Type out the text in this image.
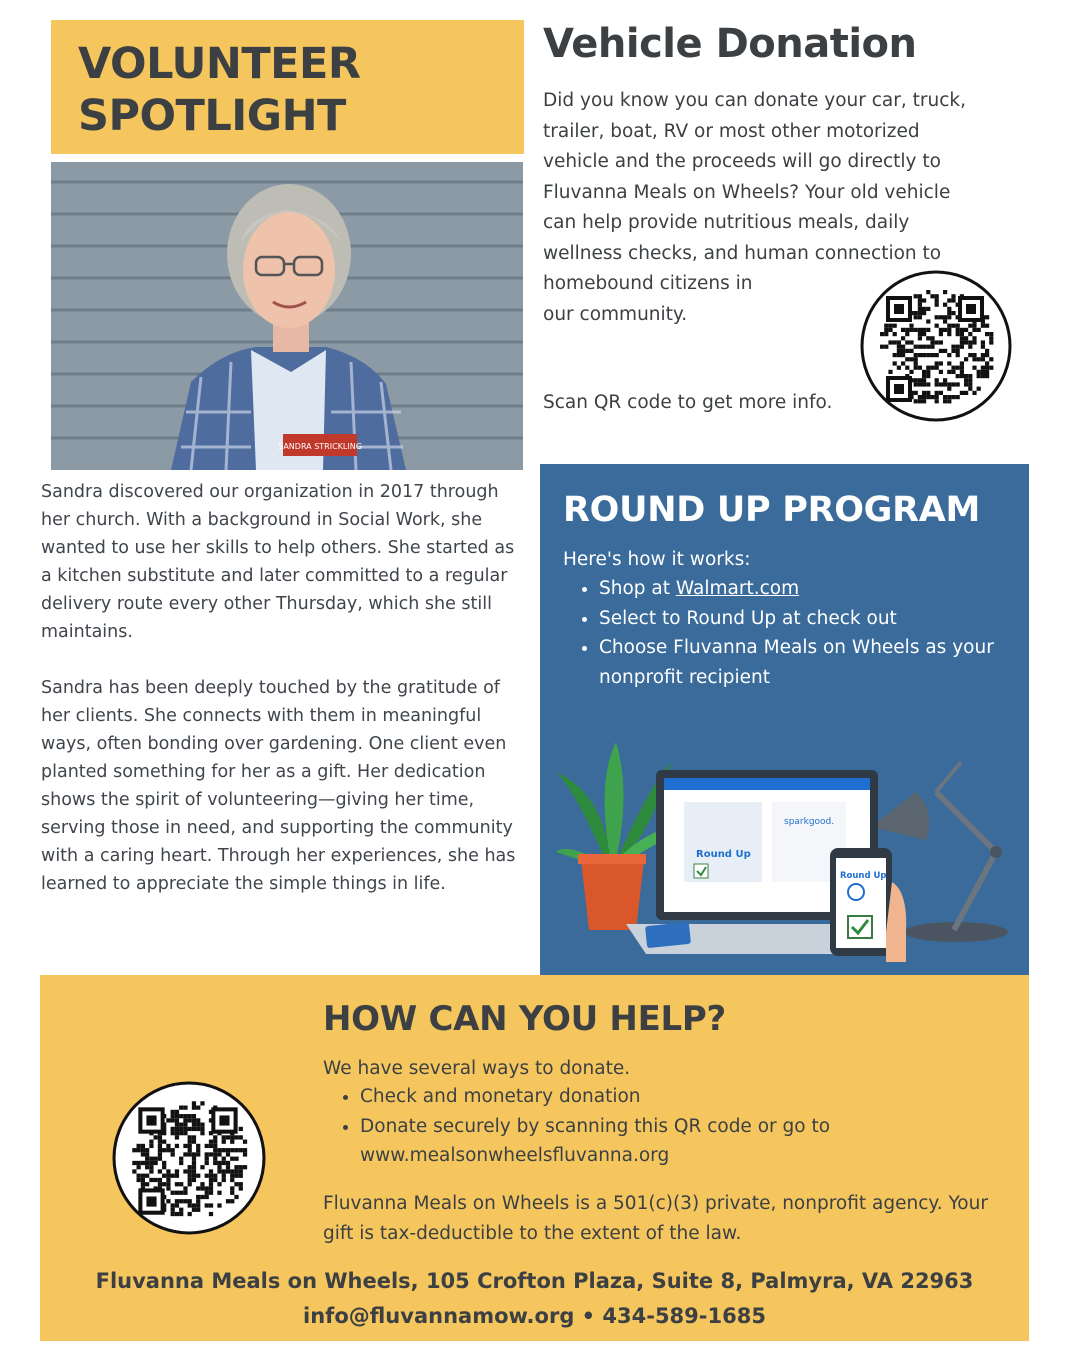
VOLUNTEER
SPOTLIGHT
SANDRA STRICKLING
Vehicle Donation

Did you know you can donate your car, truck,
trailer, boat, RV or most other motorized
vehicle and the proceeds will go directly to
Fluvanna Meals on Wheels? Your old vehicle
can help provide nutritious meals, daily
wellness checks, and human connection to
homebound citizens in
our community.

Scan QR code to get more info.

Sandra discovered our organization in 2017 through her church. With a background in Social Work, she wanted to use her skills to help others. She started as a kitchen substitute and later committed to a regular delivery route every other Thursday, which she still maintains.

Sandra has been deeply touched by the gratitude of her clients. She connects with them in meaningful ways, often bonding over gardening. One client even planted something for her as a gift. Her dedication shows the spirit of volunteering—giving her time, serving those in need, and supporting the community with a caring heart. Through her experiences, she has learned to appreciate the simple things in life.

ROUND UP PROGRAM

Here's how it works:

• Shop at Walmart.com
• Select to Round Up at check out
• Choose Fluvanna Meals on Wheels as your nonprofit recipient
sparkgood.
Round Up
Round Up
HOW CAN YOU HELP?

We have several ways to donate.

• Check and monetary donation
• Donate securely by scanning this QR code or go to www.mealsonwheelsfluvanna.org

Fluvanna Meals on Wheels is a 501(c)(3) private, nonprofit agency. Your gift is tax-deductible to the extent of the law.

Fluvanna Meals on Wheels, 105 Crofton Plaza, Suite 8, Palmyra, VA 22963

info@fluvannamow.org • 434-589-1685
